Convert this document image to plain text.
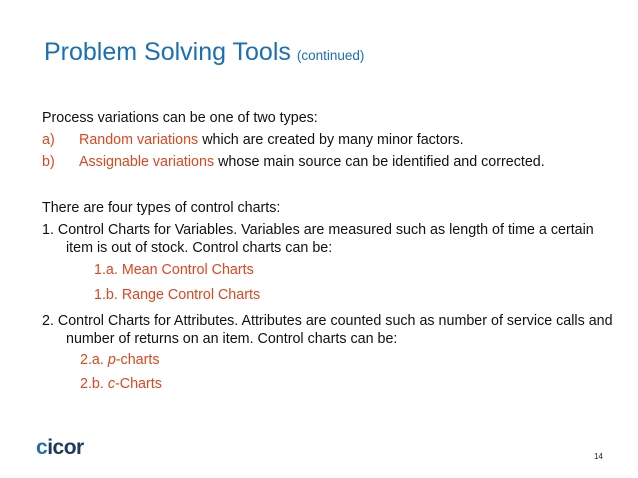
Problem Solving Tools (continued)
Process variations can be one of two types:
a) Random variations which are created by many minor factors.
b) Assignable variations whose main source can be identified and corrected.
There are four types of control charts:
1. Control Charts for Variables. Variables are measured such as length of time a certain
item is out of stock. Control charts can be:
1.a. Mean Control Charts
1.b. Range Control Charts
2. Control Charts for Attributes. Attributes are counted such as number of service calls and
number of returns on an item. Control charts can be:
2.a. p-charts
2.b. c-Charts
cicor	14
